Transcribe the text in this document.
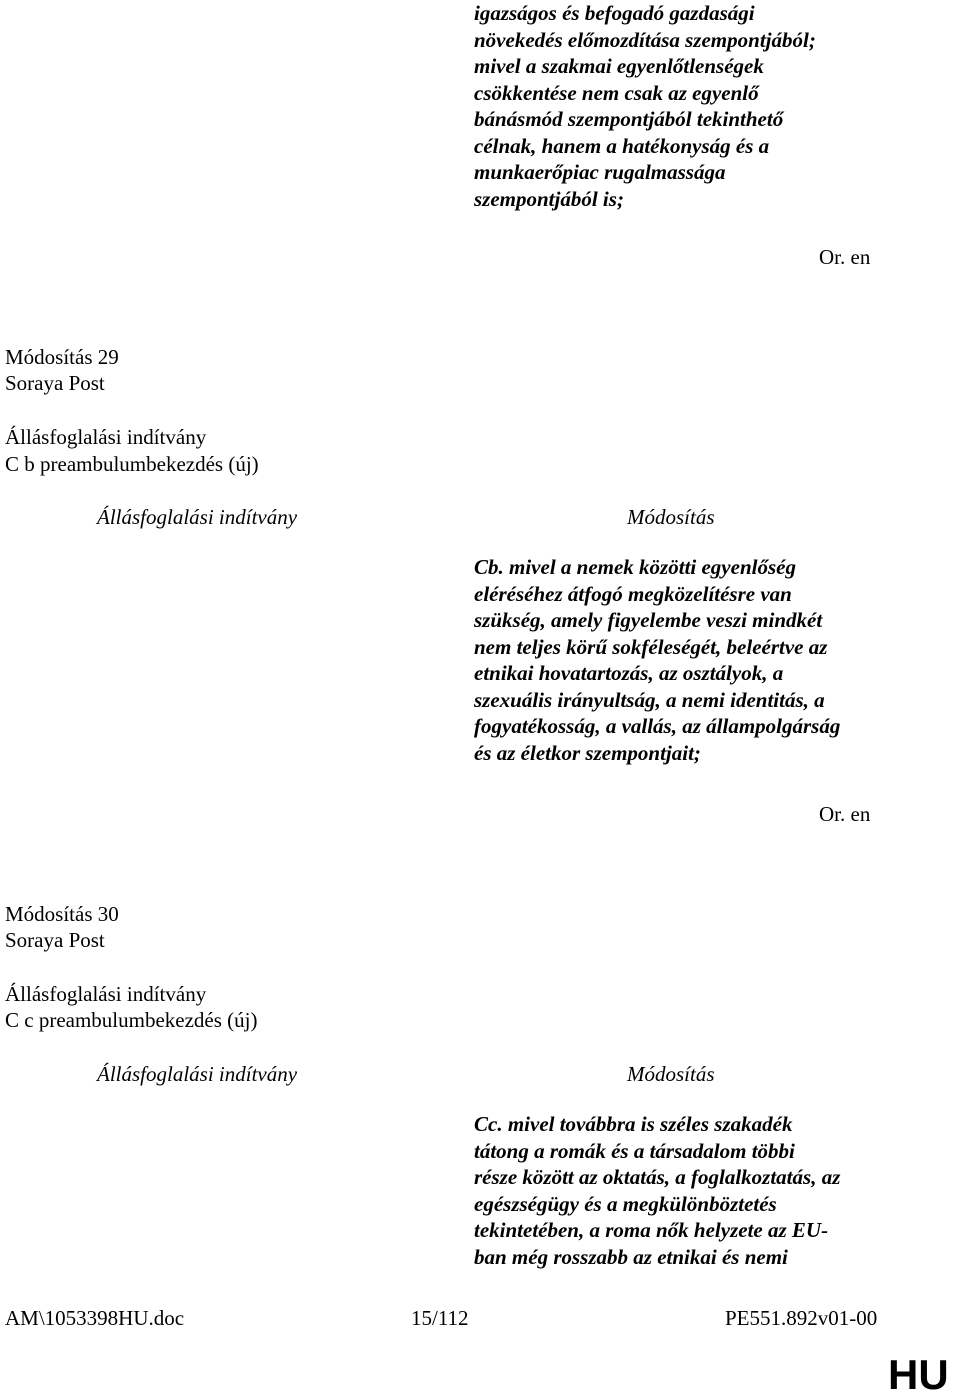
igazságos és befogadó gazdasági
növekedés előmozdítása szempontjából;
mivel a szakmai egyenlőtlenségek
csökkentése nem csak az egyenlő
bánásmód szempontjából tekinthető
célnak, hanem a hatékonyság és a
munkaerőpiac rugalmassága
szempontjából is;
Or. en
Módosítás 29
Soraya Post
Állásfoglalási indítvány
C b preambulumbekezdés (új)
Állásfoglalási indítvány	Módosítás
Cb. mivel a nemek közötti egyenlőség
eléréséhez átfogó megközelítésre van
szükség, amely figyelembe veszi mindkét
nem teljes körű sokféleségét, beleértve az
etnikai hovatartozás, az osztályok, a
szexuális irányultság, a nemi identitás, a
fogyatékosság, a vallás, az állampolgárság
és az életkor szempontjait;
Or. en
Módosítás 30
Soraya Post
Állásfoglalási indítvány
C c preambulumbekezdés (új)
Állásfoglalási indítvány	Módosítás
Cc. mivel továbbra is széles szakadék
tátong a romák és a társadalom többi
része között az oktatás, a foglalkoztatás, az
egészségügy és a megkülönböztetés
tekintetében, a roma nők helyzete az EU-
ban még rosszabb az etnikai és nemi
AM\1053398HU.doc	15/112	PE551.892v01-00
HU
